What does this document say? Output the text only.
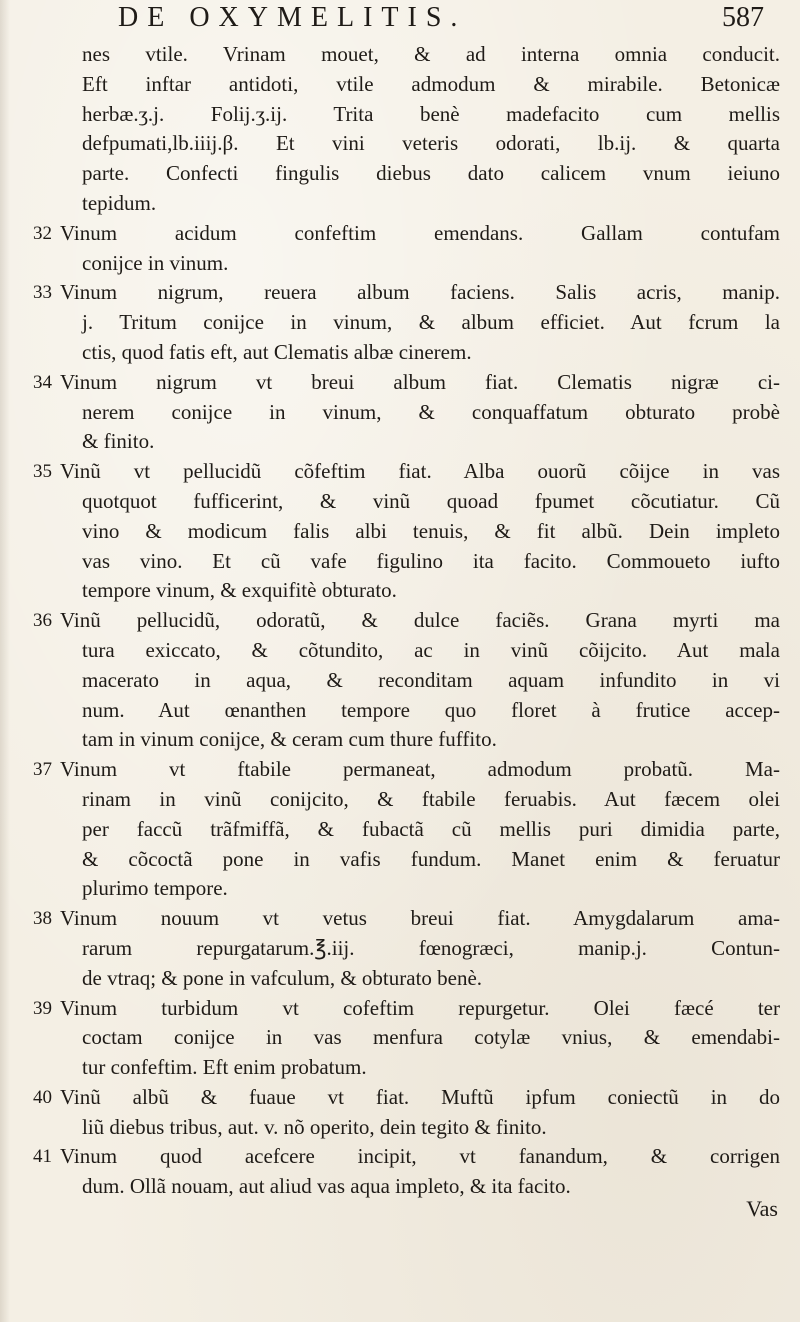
DE OXYMELITIS.	587
nes vtile. Vrinam mouet, & ad interna omnia conducit.
Eft inftar antidoti, vtile admodum & mirabile. Betonicæ
herbæ.ʒ.j. Folij.ʒ.ij. Trita benè madefacito cum mellis
defpumati,lb.iiij.β. Et vini veteris odorati, lb.ij. & quarta
parte. Confecti fingulis diebus dato calicem vnum ieiuno
tepidum.
32 Vinum acidum confeftim emendans. Gallam contufam
conijce in vinum.
33 Vinum nigrum, reuera album faciens. Salis acris, manip.
j. Tritum conijce in vinum, & album efficiet. Aut fcrum la
ctis, quod fatis eft, aut Clematis albæ cinerem.
34 Vinum nigrum vt breui album fiat. Clematis nigræ ci-
nerem conijce in vinum, & conquaffatum obturato probè
& finito.
35 Vinũ vt pellucidũ cõfeftim fiat. Alba ouorũ cõijce in vas
quotquot fufficerint, & vinũ quoad fpumet cõcutiatur. Cũ
vino & modicum falis albi tenuis, & fit albũ. Dein impleto
vas vino. Et cũ vafe figulino ita facito. Commoueto iufto
tempore vinum, & exquifitè obturato.
36 Vinũ pellucidũ, odoratũ, & dulce faciẽs. Grana myrti ma
tura exiccato, & cõtundito, ac in vinũ cõijcito. Aut mala
macerato in aqua, & reconditam aquam infundito in vi
num. Aut œnanthen tempore quo floret à frutice accep-
tam in vinum conijce, & ceram cum thure fuffito.
37 Vinum vt ftabile permaneat, admodum probatũ. Ma-
rinam in vinũ conijcito, & ftabile feruabis. Aut fæcem olei
per faccũ trãfmiffã, & fubactã cũ mellis puri dimidia parte,
& cõcoctã pone in vafis fundum. Manet enim & feruatur
plurimo tempore.
38 Vinum nouum vt vetus breui fiat. Amygdalarum ama-
rarum repurgatarum.℥.iij. fœnogræci, manip.j. Contun-
de vtraq; & pone in vafculum, & obturato benè.
39 Vinum turbidum vt cofeftim repurgetur. Olei fæcé ter
coctam conijce in vas menfura cotylæ vnius, & emendabi-
tur confeftim. Eft enim probatum.
40 Vinũ albũ & fuaue vt fiat. Muftũ ipfum coniectũ in do
liũ diebus tribus, aut. v. nõ operito, dein tegito & finito.
41 Vinum quod acefcere incipit, vt fanandum, & corrigen
dum. Ollã nouam, aut aliud vas aqua impleto, & ita facito.
Vas
